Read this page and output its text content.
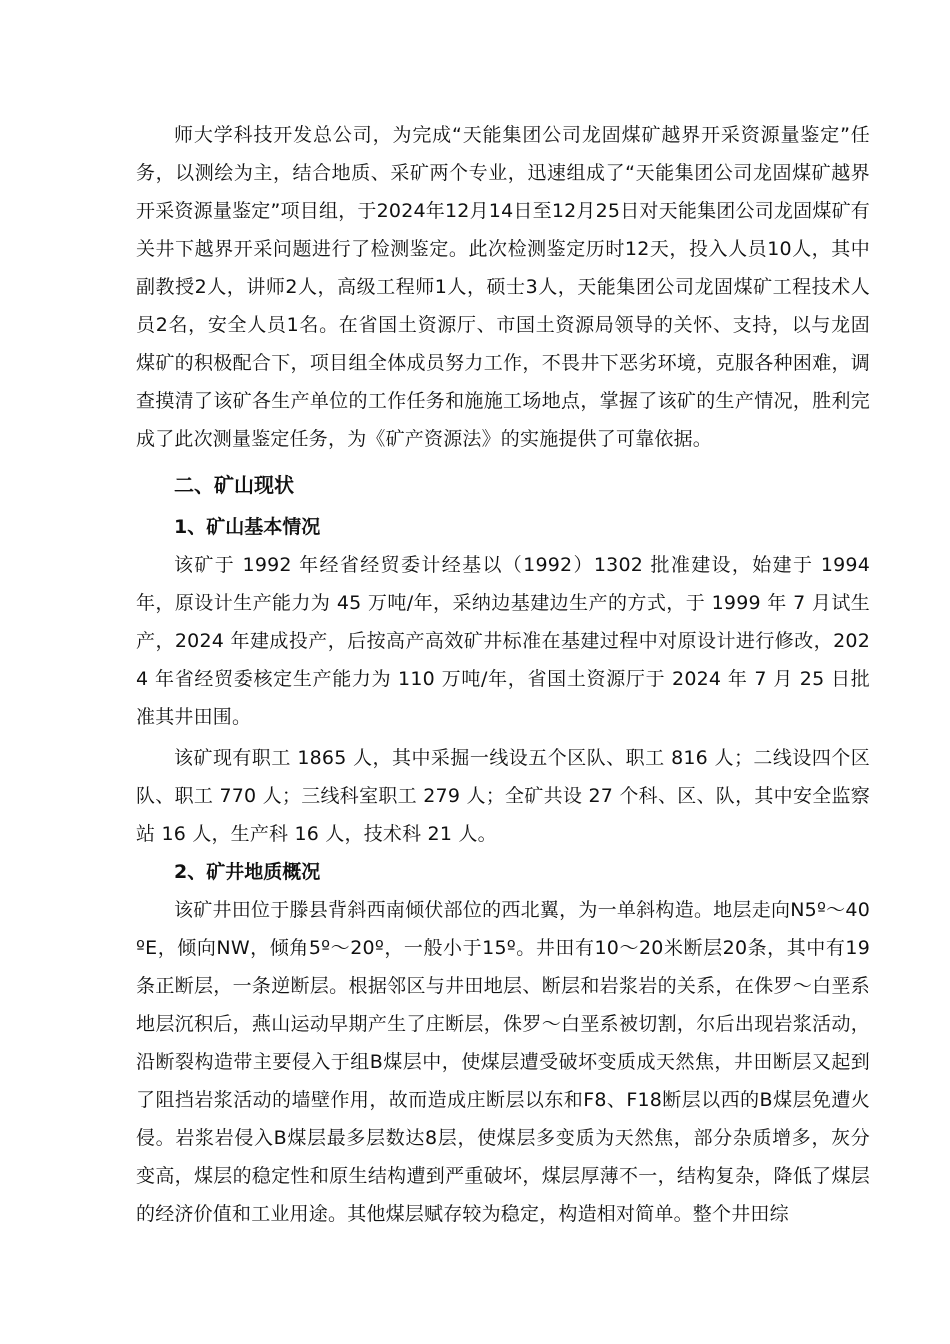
师大学科技开发总公司，为完成“天能集团公司龙固煤矿越界开采资源量鉴定”任务，以测绘为主，结合地质、采矿两个专业，迅速组成了“天能集团公司龙固煤矿越界开采资源量鉴定”项目组，于2024年12月14日至12月25日对天能集团公司龙固煤矿有关井下越界开采问题进行了检测鉴定。此次检测鉴定历时12天，投入人员10人，其中副教授2人，讲师2人，高级工程师1人，硕士3人，天能集团公司龙固煤矿工程技术人员2名，安全人员1名。在省国土资源厅、市国土资源局领导的关怀、支持，以与龙固煤矿的积极配合下，项目组全体成员努力工作，不畏井下恶劣环境，克服各种困难，调查摸清了该矿各生产单位的工作任务和施施工场地点，掌握了该矿的生产情况，胜利完成了此次测量鉴定任务，为《矿产资源法》的实施提供了可靠依据。

二、矿山现状
1、矿山基本情况

该矿于 1992 年经省经贸委计经基以（1992）1302 批准建设，始建于 1994 年，原设计生产能力为 45 万吨/年，采纳边基建边生产的方式，于 1999 年 7 月试生产，2024 年建成投产，后按高产高效矿井标准在基建过程中对原设计进行修改，2024 年省经贸委核定生产能力为 110 万吨/年，省国土资源厅于 2024 年 7 月 25 日批准其井田围。

该矿现有职工 1865 人，其中采掘一线设五个区队、职工 816 人；二线设四个区队、职工 770 人；三线科室职工 279 人；全矿共设 27 个科、区、队，其中安全监察站 16 人，生产科 16 人，技术科 21 人。

2、矿井地质概况

该矿井田位于滕县背斜西南倾伏部位的西北翼，为一单斜构造。地层走向N5º～40ºE，倾向NW，倾角5º～20º，一般小于15º。井田有10～20米断层20条，其中有19条正断层，一条逆断层。根据邻区与井田地层、断层和岩浆岩的关系，在侏罗～白垩系地层沉积后，燕山运动早期产生了庄断层，侏罗～白垩系被切割，尔后出现岩浆活动，沿断裂构造带主要侵入于组B煤层中，使煤层遭受破坏变质成天然焦，井田断层又起到了阻挡岩浆活动的墙壁作用，故而造成庄断层以东和F8、F18断层以西的B煤层免遭火侵。岩浆岩侵入B煤层最多层数达8层，使煤层多变质为天然焦，部分杂质增多，灰分变高，煤层的稳定性和原生结构遭到严重破坏，煤层厚薄不一，结构复杂，降低了煤层的经济价值和工业用途。其他煤层赋存较为稳定，构造相对简单。整个井田综
